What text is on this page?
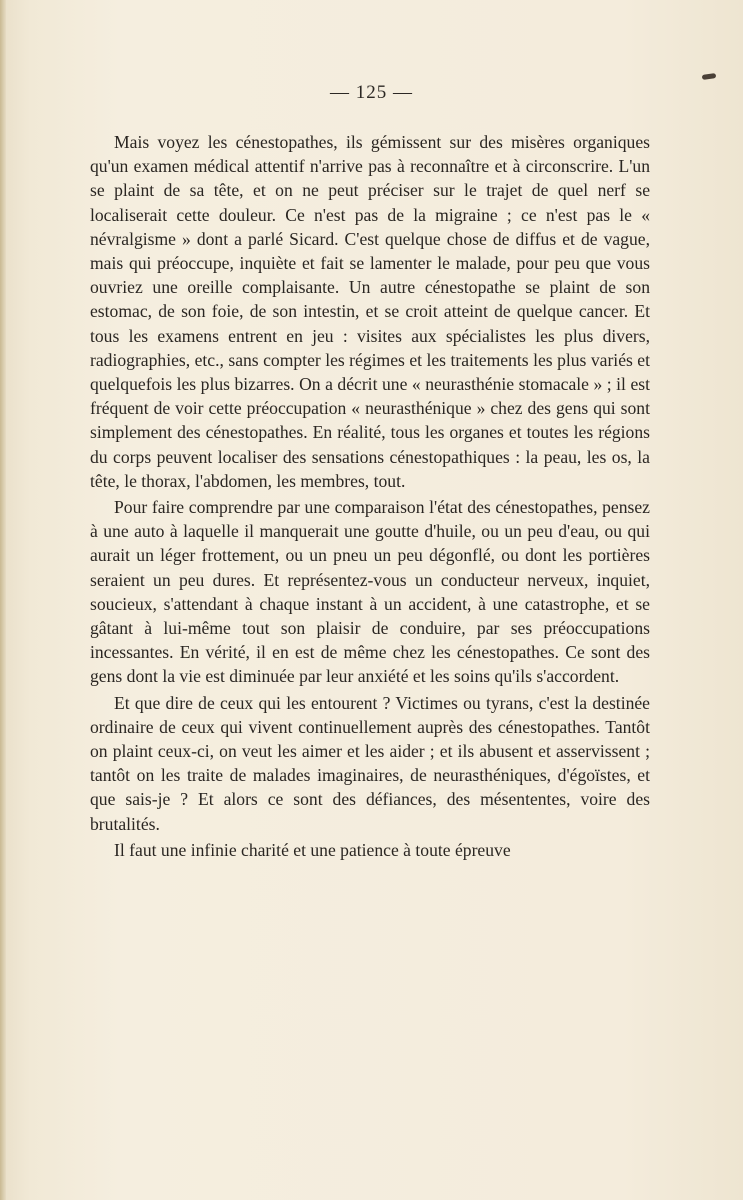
— 125 —

Mais voyez les cénestopathes, ils gémissent sur des misères organiques qu'un examen médical attentif n'arrive pas à reconnaître et à circonscrire. L'un se plaint de sa tête, et on ne peut préciser sur le trajet de quel nerf se localiserait cette douleur. Ce n'est pas de la migraine ; ce n'est pas le « névralgisme » dont a parlé Sicard. C'est quelque chose de diffus et de vague, mais qui préoccupe, inquiète et fait se lamenter le malade, pour peu que vous ouvriez une oreille complaisante. Un autre cénestopathe se plaint de son estomac, de son foie, de son intestin, et se croit atteint de quelque cancer. Et tous les examens entrent en jeu : visites aux spécialistes les plus divers, radiographies, etc., sans compter les régimes et les traitements les plus variés et quelquefois les plus bizarres. On a décrit une « neurasthénie stomacale » ; il est fréquent de voir cette préoccupation « neurasthénique » chez des gens qui sont simplement des cénestopathes. En réalité, tous les organes et toutes les régions du corps peuvent localiser des sensations cénestopathiques : la peau, les os, la tête, le thorax, l'abdomen, les membres, tout.

Pour faire comprendre par une comparaison l'état des cénestopathes, pensez à une auto à laquelle il manquerait une goutte d'huile, ou un peu d'eau, ou qui aurait un léger frottement, ou un pneu un peu dégonflé, ou dont les portières seraient un peu dures. Et représentez-vous un conducteur nerveux, inquiet, soucieux, s'attendant à chaque instant à un accident, à une catastrophe, et se gâtant à lui-même tout son plaisir de conduire, par ses préoccupations incessantes. En vérité, il en est de même chez les cénestopathes. Ce sont des gens dont la vie est diminuée par leur anxiété et les soins qu'ils s'accordent.

Et que dire de ceux qui les entourent ? Victimes ou tyrans, c'est la destinée ordinaire de ceux qui vivent continuellement auprès des cénestopathes. Tantôt on plaint ceux-ci, on veut les aimer et les aider ; et ils abusent et asservissent ; tantôt on les traite de malades imaginaires, de neurasthéniques, d'égoïstes, et que sais-je ? Et alors ce sont des défiances, des mésententes, voire des brutalités.

Il faut une infinie charité et une patience à toute épreuve
